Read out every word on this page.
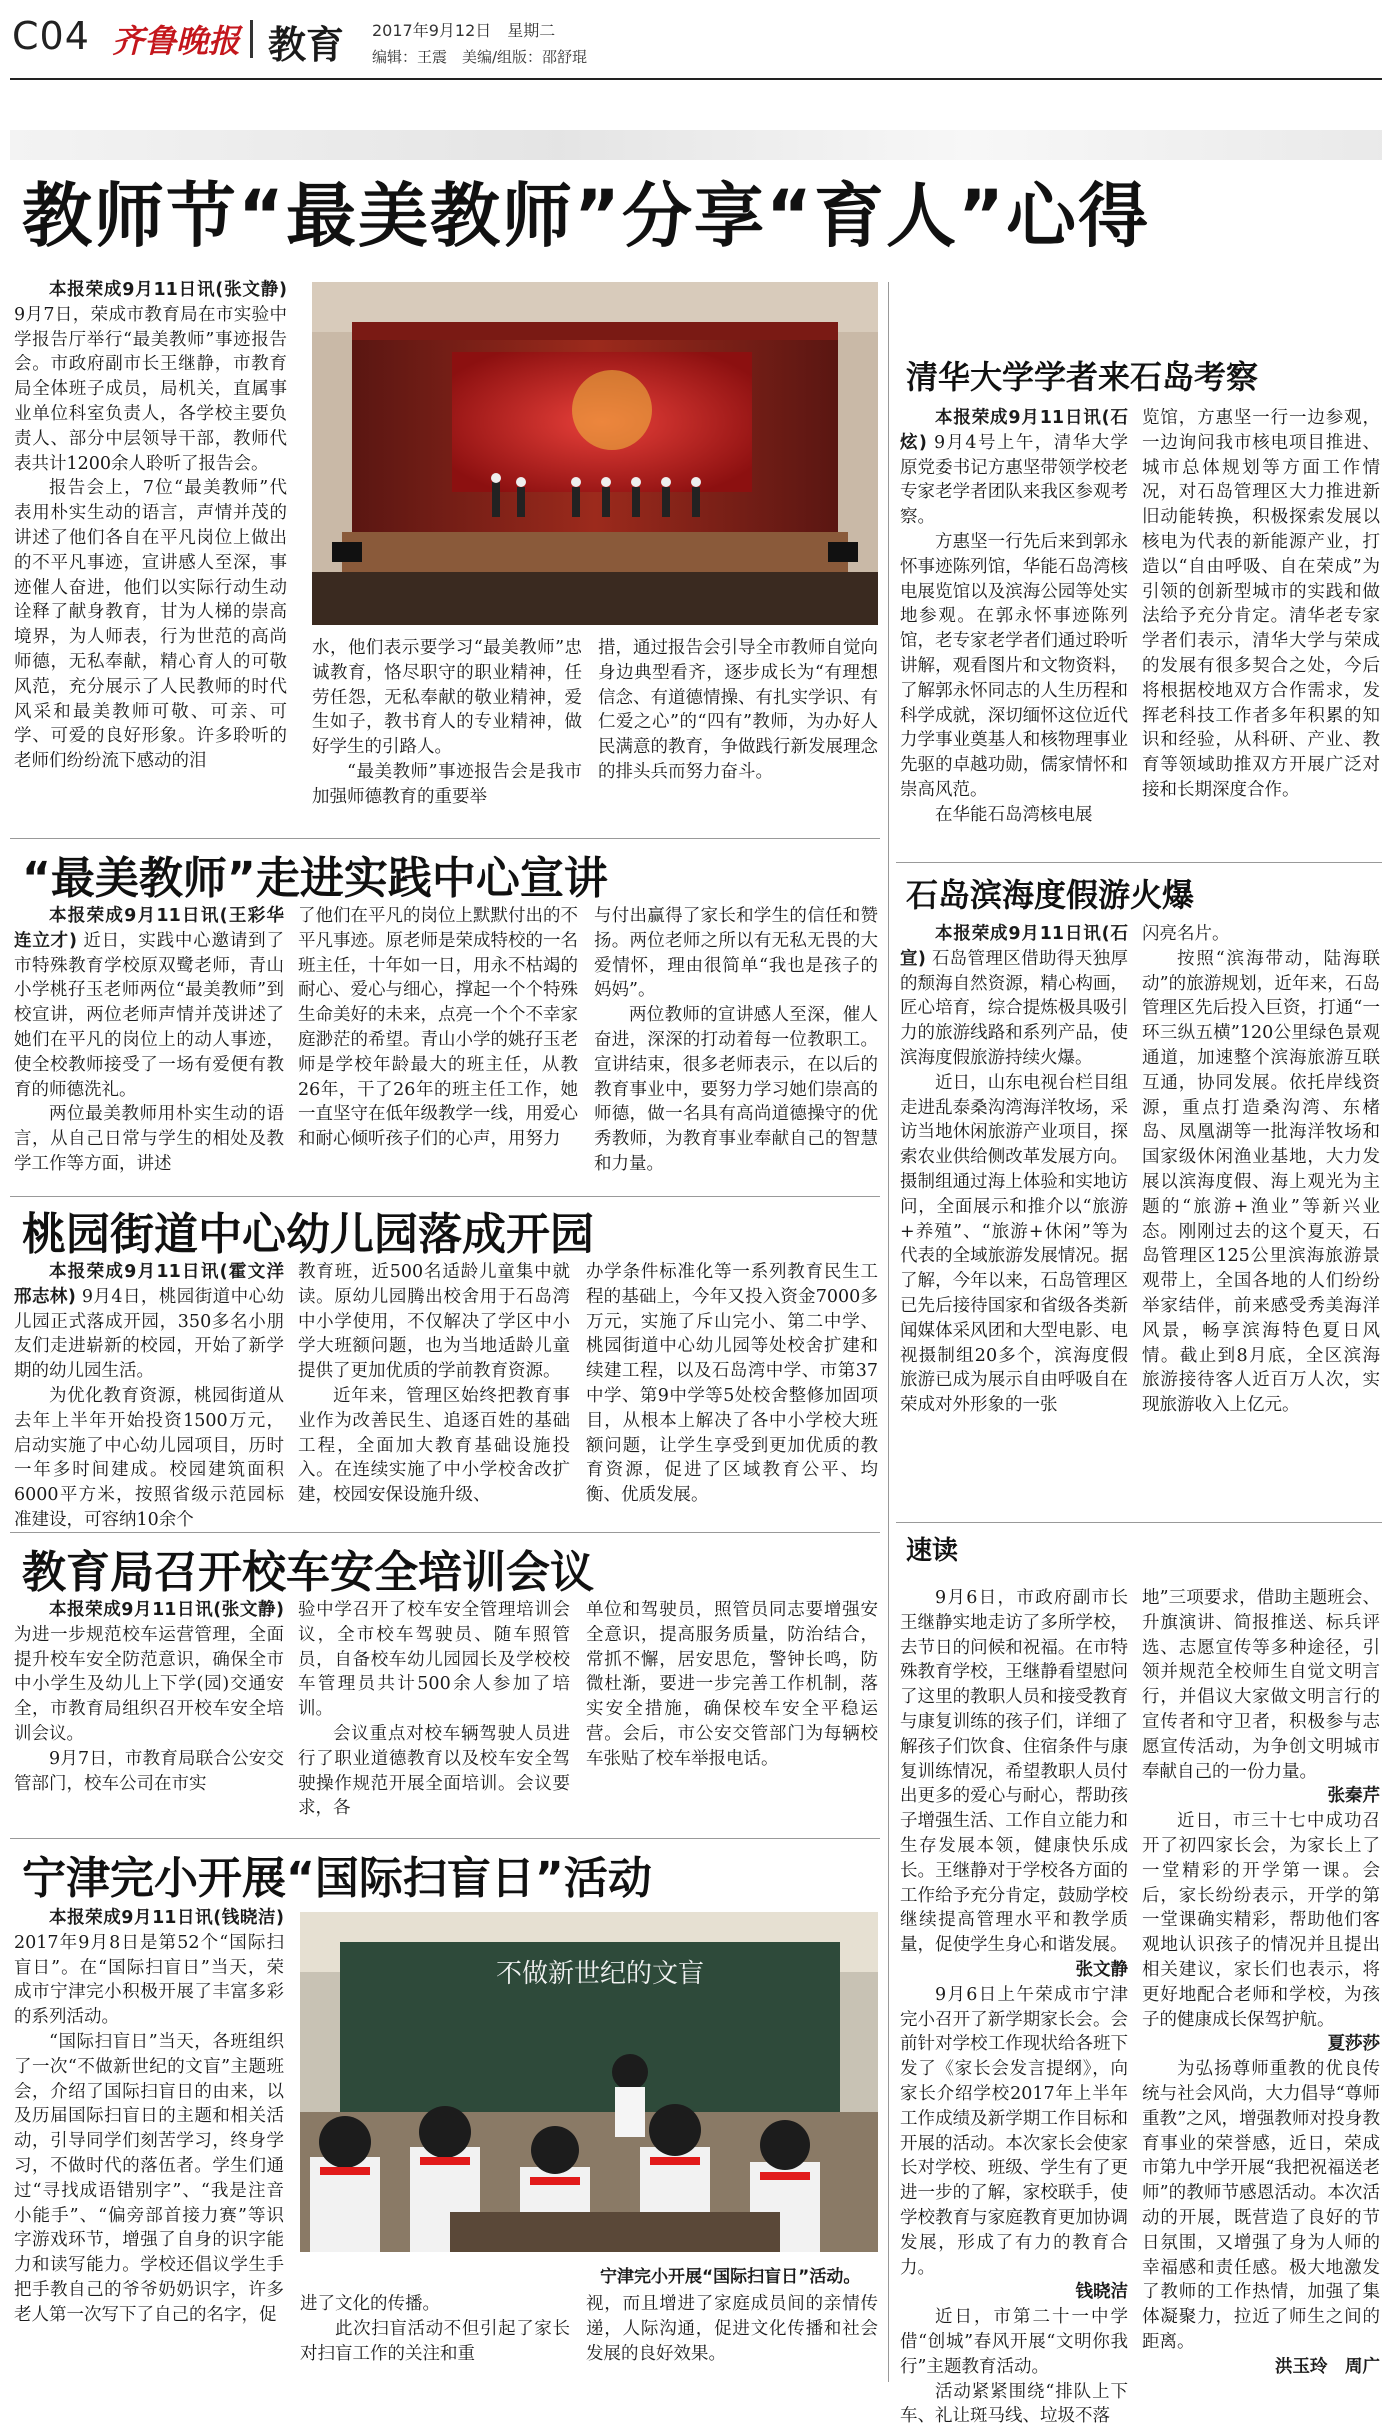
C04 齐鲁晚报 教育 2017年9月12日　星期二
编辑：王震　美编/组版：邵舒琨
教师节“最美教师”分享“育人”心得

本报荣成9月11日讯(张文静) 9月7日，荣成市教育局在市实验中学报告厅举行“最美教师”事迹报告会。市政府副市长王继静，市教育局全体班子成员，局机关，直属事业单位科室负责人，各学校主要负责人、部分中层领导干部，教师代表共计1200余人聆听了报告会。

报告会上，7位“最美教师”代表用朴实生动的语言，声情并茂的讲述了他们各自在平凡岗位上做出的不平凡事迹，宣讲感人至深，事迹催人奋进，他们以实际行动生动诠释了献身教育，甘为人梯的崇高境界，为人师表，行为世范的高尚师德，无私奉献，精心育人的可敬风范，充分展示了人民教师的时代风采和最美教师可敬、可亲、可学、可爱的良好形象。许多聆听的老师们纷纷流下感动的泪

水，他们表示要学习“最美教师”忠诚教育，恪尽职守的职业精神，任劳任怨，无私奉献的敬业精神，爱生如子，教书育人的专业精神，做好学生的引路人。

“最美教师”事迹报告会是我市加强师德教育的重要举

措，通过报告会引导全市教师自觉向身边典型看齐，逐步成长为“有理想信念、有道德情操、有扎实学识、有仁爱之心”的“四有”教师，为办好人民满意的教育，争做践行新发展理念的排头兵而努力奋斗。

“最美教师”走进实践中心宣讲

本报荣成9月11日讯(王彩华　连立才) 近日，实践中心邀请到了市特殊教育学校原双鹭老师，青山小学桃孖玉老师两位“最美教师”到校宣讲，两位老师声情并茂讲述了她们在平凡的岗位上的动人事迹，使全校教师接受了一场有爱便有教育的师德洗礼。

两位最美教师用朴实生动的语言，从自己日常与学生的相处及教学工作等方面，讲述

了他们在平凡的岗位上默默付出的不平凡事迹。原老师是荣成特校的一名班主任，十年如一日，用永不枯竭的耐心、爱心与细心，撑起一个个特殊生命美好的未来，点亮一个个不幸家庭渺茫的希望。青山小学的姚孖玉老师是学校年龄最大的班主任，从教26年，干了26年的班主任工作，她一直坚守在低年级教学一线，用爱心和耐心倾听孩子们的心声，用努力

与付出赢得了家长和学生的信任和赞扬。两位老师之所以有无私无畏的大爱情怀，理由很简单“我也是孩子的妈妈”。

两位教师的宣讲感人至深，催人奋进，深深的打动着每一位教职工。宣讲结束，很多老师表示，在以后的教育事业中，要努力学习她们崇高的师德，做一名具有高尚道德操守的优秀教师，为教育事业奉献自己的智慧和力量。

桃园街道中心幼儿园落成开园

本报荣成9月11日讯(霍文洋　邢志林) 9月4日，桃园街道中心幼儿园正式落成开园，350多名小朋友们走进崭新的校园，开始了新学期的幼儿园生活。

为优化教育资源，桃园街道从去年上半年开始投资1500万元，启动实施了中心幼儿园项目，历时一年多时间建成。校园建筑面积6000平方米，按照省级示范园标准建设，可容纳10余个

教育班，近500名适龄儿童集中就读。原幼儿园腾出校舍用于石岛湾中小学使用，不仅解决了学区中小学大班额问题，也为当地适龄儿童提供了更加优质的学前教育资源。

近年来，管理区始终把教育事业作为改善民生、追逐百姓的基础工程，全面加大教育基础设施投入。在连续实施了中小学校舍改扩建，校园安保设施升级、

办学条件标准化等一系列教育民生工程的基础上，今年又投入资金7000多万元，实施了斥山完小、第二中学、桃园街道中心幼儿园等处校舍扩建和续建工程，以及石岛湾中学、市第37中学、第9中学等5处校舍整修加固项目，从根本上解决了各中小学校大班额问题，让学生享受到更加优质的教育资源，促进了区域教育公平、均衡、优质发展。

教育局召开校车安全培训会议

本报荣成9月11日讯(张文静) 为进一步规范校车运营管理，全面提升校车安全防范意识，确保全市中小学生及幼儿上下学(园)交通安全，市教育局组织召开校车安全培训会议。

9月7日，市教育局联合公安交管部门，校车公司在市实

验中学召开了校车安全管理培训会议，全市校车驾驶员、随车照管员，自备校车幼儿园园长及学校校车管理员共计500余人参加了培训。

会议重点对校车辆驾驶人员进行了职业道德教育以及校车安全驾驶操作规范开展全面培训。会议要求，各

单位和驾驶员，照管员同志要增强安全意识，提高服务质量，防治结合，常抓不懈，居安思危，警钟长鸣，防微杜渐，要进一步完善工作机制，落实安全措施，确保校车安全平稳运营。会后，市公安交管部门为每辆校车张贴了校车举报电话。

宁津完小开展“国际扫盲日”活动

本报荣成9月11日讯(钱晓洁) 2017年9月8日是第52个“国际扫盲日”。在“国际扫盲日”当天，荣成市宁津完小积极开展了丰富多彩的系列活动。

“国际扫盲日”当天，各班组织了一次“不做新世纪的文盲”主题班会，介绍了国际扫盲日的由来，以及历届国际扫盲日的主题和相关活动，引导同学们刻苦学习，终身学习，不做时代的落伍者。学生们通过“寻找成语错别字”、“我是注音小能手”、“偏旁部首接力赛”等识字游戏环节，增强了自身的识字能力和读写能力。学校还倡议学生手把手教自己的爷爷奶奶识字，许多老人第一次写下了自己的名字，促

不做新世纪的文盲
宁津完小开展“国际扫盲日”活动。

进了文化的传播。

此次扫盲活动不但引起了家长对扫盲工作的关注和重

视，而且增进了家庭成员间的亲情传递，人际沟通，促进文化传播和社会发展的良好效果。

清华大学学者来石岛考察

本报荣成9月11日讯(石炫) 9月4号上午，清华大学原党委书记方惠坚带领学校老专家老学者团队来我区参观考察。

方惠坚一行先后来到郭永怀事迹陈列馆，华能石岛湾核电展览馆以及滨海公园等处实地参观。在郭永怀事迹陈列馆，老专家老学者们通过聆听讲解，观看图片和文物资料，了解郭永怀同志的人生历程和科学成就，深切缅怀这位近代力学事业奠基人和核物理事业先驱的卓越功勋，儒家情怀和崇高风范。

在华能石岛湾核电展

览馆，方惠坚一行一边参观，一边询问我市核电项目推进、城市总体规划等方面工作情况，对石岛管理区大力推进新旧动能转换，积极探索发展以核电为代表的新能源产业，打造以“自由呼吸、自在荣成”为引领的创新型城市的实践和做法给予充分肯定。清华老专家学者们表示，清华大学与荣成的发展有很多契合之处，今后将根据校地双方合作需求，发挥老科技工作者多年积累的知识和经验，从科研、产业、教育等领域助推双方开展广泛对接和长期深度合作。

石岛滨海度假游火爆

本报荣成9月11日讯(石宣) 石岛管理区借助得天独厚的颓海自然资源，精心构画，匠心培育，综合提炼极具吸引力的旅游线路和系列产品，使滨海度假旅游持续火爆。

近日，山东电视台栏目组走进乱泰桑沟湾海洋牧场，采访当地休闲旅游产业项目，探索农业供给侧改革发展方向。摄制组通过海上体验和实地访问，全面展示和推介以“旅游+养殖”、“旅游+休闲”等为代表的全域旅游发展情况。据了解，今年以来，石岛管理区已先后接待国家和省级各类新闻媒体采风团和大型电影、电视摄制组20多个，滨海度假旅游已成为展示自由呼吸自在荣成对外形象的一张

闪亮名片。

按照“滨海带动，陆海联动”的旅游规划，近年来，石岛管理区先后投入巨资，打通“一环三纵五横”120公里绿色景观通道，加速整个滨海旅游互联互通，协同发展。依托岸线资源，重点打造桑沟湾、东楮岛、凤凰湖等一批海洋牧场和国家级休闲渔业基地，大力发展以滨海度假、海上观光为主题的“旅游+渔业”等新兴业态。刚刚过去的这个夏天，石岛管理区125公里滨海旅游景观带上，全国各地的人们纷纷举家结伴，前来感受秀美海洋风景，畅享滨海特色夏日风情。截止到8月底，全区滨海旅游接待客人近百万人次，实现旅游收入上亿元。

速读

9月6日，市政府副市长王继静实地走访了多所学校，去节日的问候和祝福。在市特殊教育学校，王继静看望慰问了这里的教职人员和接受教育与康复训练的孩子们，详细了解孩子们饮食、住宿条件与康复训练情况，希望教职人员付出更多的爱心与耐心，帮助孩子增强生活、工作自立能力和生存发展本领，健康快乐成长。王继静对于学校各方面的工作给予充分肯定，鼓励学校继续提高管理水平和教学质量，促使学生身心和谐发展。

张文静

9月6日上午荣成市宁津完小召开了新学期家长会。会前针对学校工作现状给各班下发了《家长会发言提纲》，向家长介绍学校2017年上半年工作成绩及新学期工作目标和开展的活动。本次家长会使家长对学校、班级、学生有了更进一步的了解，家校联手，使学校教育与家庭教育更加协调发展，形成了有力的教育合力。

钱晓洁

近日，市第二十一中学借“创城”春风开展“文明你我行”主题教育活动。

活动紧紧围绕“排队上下车、礼让斑马线、垃圾不落

地”三项要求，借助主题班会、升旗演讲、简报推送、标兵评选、志愿宣传等多种途径，引领并规范全校师生自觉文明言行，并倡议大家做文明言行的宣传者和守卫者，积极参与志愿宣传活动，为争创文明城市奉献自己的一份力量。

张秦芹

近日，市三十七中成功召开了初四家长会，为家长上了一堂精彩的开学第一课。会后，家长纷纷表示，开学的第一堂课确实精彩，帮助他们客观地认识孩子的情况并且提出相关建议，家长们也表示，将更好地配合老师和学校，为孩子的健康成长保驾护航。

夏莎莎

为弘扬尊师重教的优良传统与社会风尚，大力倡导“尊师重教”之风，增强教师对投身教育事业的荣誉感，近日，荣成市第九中学开展“我把祝福送老师”的教师节感恩活动。本次活动的开展，既营造了良好的节日氛围，又增强了身为人师的幸福感和责任感。极大地激发了教师的工作热情，加强了集体凝聚力，拉近了师生之间的距离。

洪玉玲　周广
